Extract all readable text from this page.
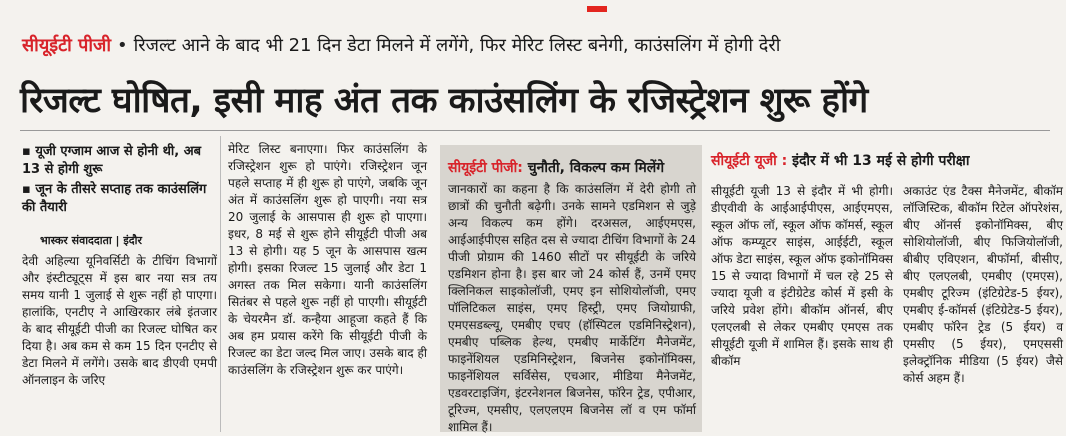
सीयूईटी पीजी • रिजल्ट आने के बाद भी 21 दिन डेटा मिलने में लगेंगे, फिर मेरिट लिस्ट बनेगी, काउंसलिंग में होगी देरी
रिजल्ट घोषित, इसी माह अंत तक काउंसलिंग के रजिस्ट्रेशन शुरू होंगे
▪ यूजी एग्जाम आज से होनी थी, अब 13 से होगी शुरू
▪ जून के तीसरे सप्ताह तक काउंसलिंग की तैयारी
भास्कर संवाददाता | इंदौर
देवी अहिल्या यूनिवर्सिटी के टीचिंग विभागों और इंस्टीट्यूट्स में इस बार नया सत्र तय समय यानी 1 जुलाई से शुरू नहीं हो पाएगा। हालांकि, एनटीए ने आखिरकार लंबे इंतजार के बाद सीयूईटी पीजी का रिजल्ट घोषित कर दिया है। अब कम से कम 15 दिन एनटीए से डेटा मिलने में लगेंगे। उसके बाद डीएवी एमपी ऑनलाइन के जरिए
मेरिट लिस्ट बनाएगा। फिर काउंसलिंग के रजिस्ट्रेशन शुरू हो पाएंगे। रजिस्ट्रेशन जून पहले सप्ताह में ही शुरू हो पाएंगे, जबकि जून अंत में काउंसलिंग शुरू हो पाएगी। नया सत्र 20 जुलाई के आसपास ही शुरू हो पाएगा। इधर, 8 मई से शुरू होने सीयूईटी पीजी अब 13 से होगी। यह 5 जून के आसपास खत्म होगी। इसका रिजल्ट 15 जुलाई और डेटा 1 अगस्त तक मिल सकेगा। यानी काउंसलिंग सितंबर से पहले शुरू नहीं हो पाएगी। सीयूईटी के चेयरमैन डॉ. कन्हैया आहूजा कहते हैं कि अब हम प्रयास करेंगे कि सीयूईटी पीजी के रिजल्ट का डेटा जल्द मिल जाए। उसके बाद ही काउंसलिंग के रजिस्ट्रेशन शुरू कर पाएंगे।
सीयूईटी पीजी: चुनौती, विकल्प कम मिलेंगे
जानकारों का कहना है कि काउंसलिंग में देरी होगी तो छात्रों की चुनौती बढ़ेगी। उनके सामने एडमिशन से जुड़े अन्य विकल्प कम होंगे। दरअसल, आईएमएस, आईआईपीएस सहित दस से ज्यादा टीचिंग विभागों के 24 पीजी प्रोग्राम की 1460 सीटों पर सीयूईटी के जरिये एडमिशन होना है। इस बार जो 24 कोर्स हैं, उनमें एमए क्लिनिकल साइकोलॉजी, एमए इन सोशियोलॉजी, एमए पॉलिटिकल साइंस, एमए हिस्ट्री, एमए जियोग्राफी, एमएसडब्ल्यू, एमबीए एचए (हॉस्पिटल एडमिनिस्ट्रेशन), एमबीए पब्लिक हेल्थ, एमबीए मार्केटिंग मैनेजमेंट, फाइनेंशियल एडमिनिस्ट्रेशन, बिजनेस इकोनॉमिक्स, फाइनेंशियल सर्विसेस, एचआर, मीडिया मैनेजमेंट, एडवरटाइजिंग, इंटरनेशनल बिजनेस, फॉरेन ट्रेड, एपीआर, टूरिज्म, एमसीए, एलएलएम बिजनेस लॉ व एम फॉर्मा शामिल हैं।
सीयूईटी यूजी : इंदौर में भी 13 मई से होगी परीक्षा
सीयूईटी यूजी 13 से इंदौर में भी होगी। डीएवीवी के आईआईपीएस, आईएमएस, स्कूल ऑफ लॉ, स्कूल ऑफ कॉमर्स, स्कूल ऑफ कम्प्यूटर साइंस, आईईटी, स्कूल ऑफ डेटा साइंस, स्कूल ऑफ इकोनॉमिक्स 15 से ज्यादा विभागों में चल रहे 25 से ज्यादा यूजी व इंटीग्रेटेड कोर्स में इसी के जरिये प्रवेश होंगे। बीकॉम ऑनर्स, बीए एलएलबी से लेकर एमबीए एमएस तक सीयूईटी यूजी में शामिल हैं। इसके साथ ही बीकॉम
अकाउंट एंड टैक्स मैनेजमेंट, बीकॉम लॉजिस्टिक, बीकॉम रिटेल ऑपरेशंस, बीए ऑनर्स इकोनॉमिक्स, बीए सोशियोलॉजी, बीए फिजियोलॉजी, बीबीए एविएशन, बीफॉर्मा, बीसीए, बीए एलएलबी, एमबीए (एमएस), एमबीए टूरिज्म (इंटिग्रेटेड-5 ईयर), एमबीए ई-कॉमर्स (इंटिग्रेटेड-5 ईयर), एमबीए फॉरेन ट्रेड (5 ईयर) व एमसीए (5 ईयर), एमएससी इलेक्ट्रॉनिक मीडिया (5 ईयर) जैसे कोर्स अहम हैं।
